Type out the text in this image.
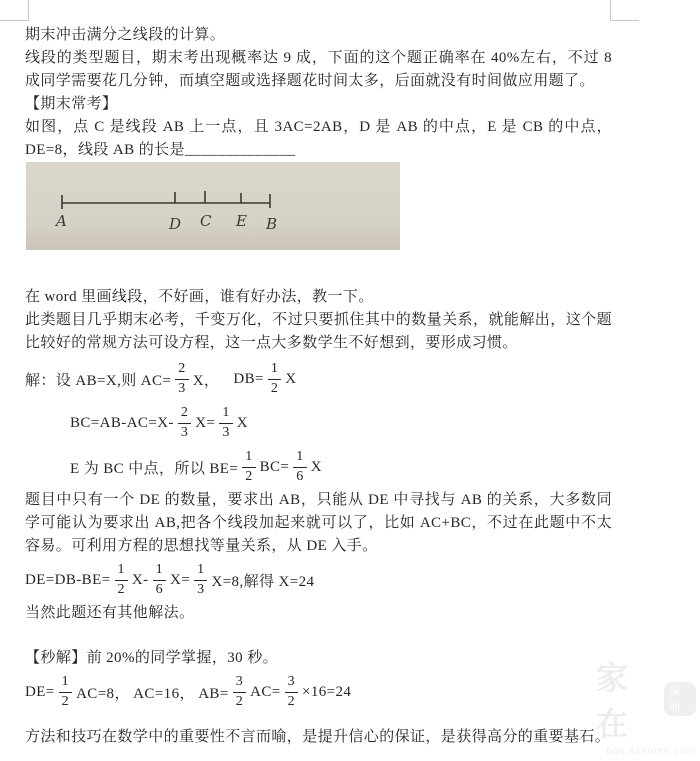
期末冲击满分之线段的计算。

线段的类型题目，期末考出现概率达 9 成，下面的这个题正确率在 40%左右，不过 8 成同学需要花几分钟，而填空题或选择题花时间太多，后面就没有时间做应用题了。

【期末常考】

如图，点 C 是线段 AB 上一点，且 3AC=2AB，D 是 AB 的中点，E 是 CB 的中点，DE=8，线段 AB 的长是______________

A	D C E B

在 word 里画线段，不好画，谁有好办法，教一下。

此类题目几乎期末必考，千变万化，不过只要抓住其中的数量关系，就能解出，这个题比较好的常规方法可设方程，这一点大多数学生不好想到，要形成习惯。

解： 设 AB=X,则 $AC= \frac{2}{3}$ X， $DB= \frac{1}{2}$ X
$BC=AB-AC=X- \frac{2}{3} X= \frac{1}{3}$ X
E 为 BC 中点，所以 $BE= \frac{1}{2} BC= \frac{1}{6}$ X

题目中只有一个 DE 的数量，要求出 AB，只能从 DE 中寻找与 AB 的关系，大多数同学可能认为要求出 AB,把各个线段加起来就可以了，比如 AC+BC，不过在此题中不太容易。可利用方程的思想找等量关系，从 DE 入手。

$DE=DB-BE= \frac{1}{2} X- \frac{1}{6} X= \frac{1}{3} X=8$,解得 X=24

当然此题还有其他解法。

【秒解】前 20%的同学掌握，30 秒。

$DE= \frac{1}{2} AC=8$， AC=16， $AB= \frac{3}{2} AC= \frac{3}{2} \times 16=24$

方法和技巧在数学中的重要性不言而喻，是提升信心的保证，是获得高分的重要基石。

家在
深圳
bbs.szhome.com
